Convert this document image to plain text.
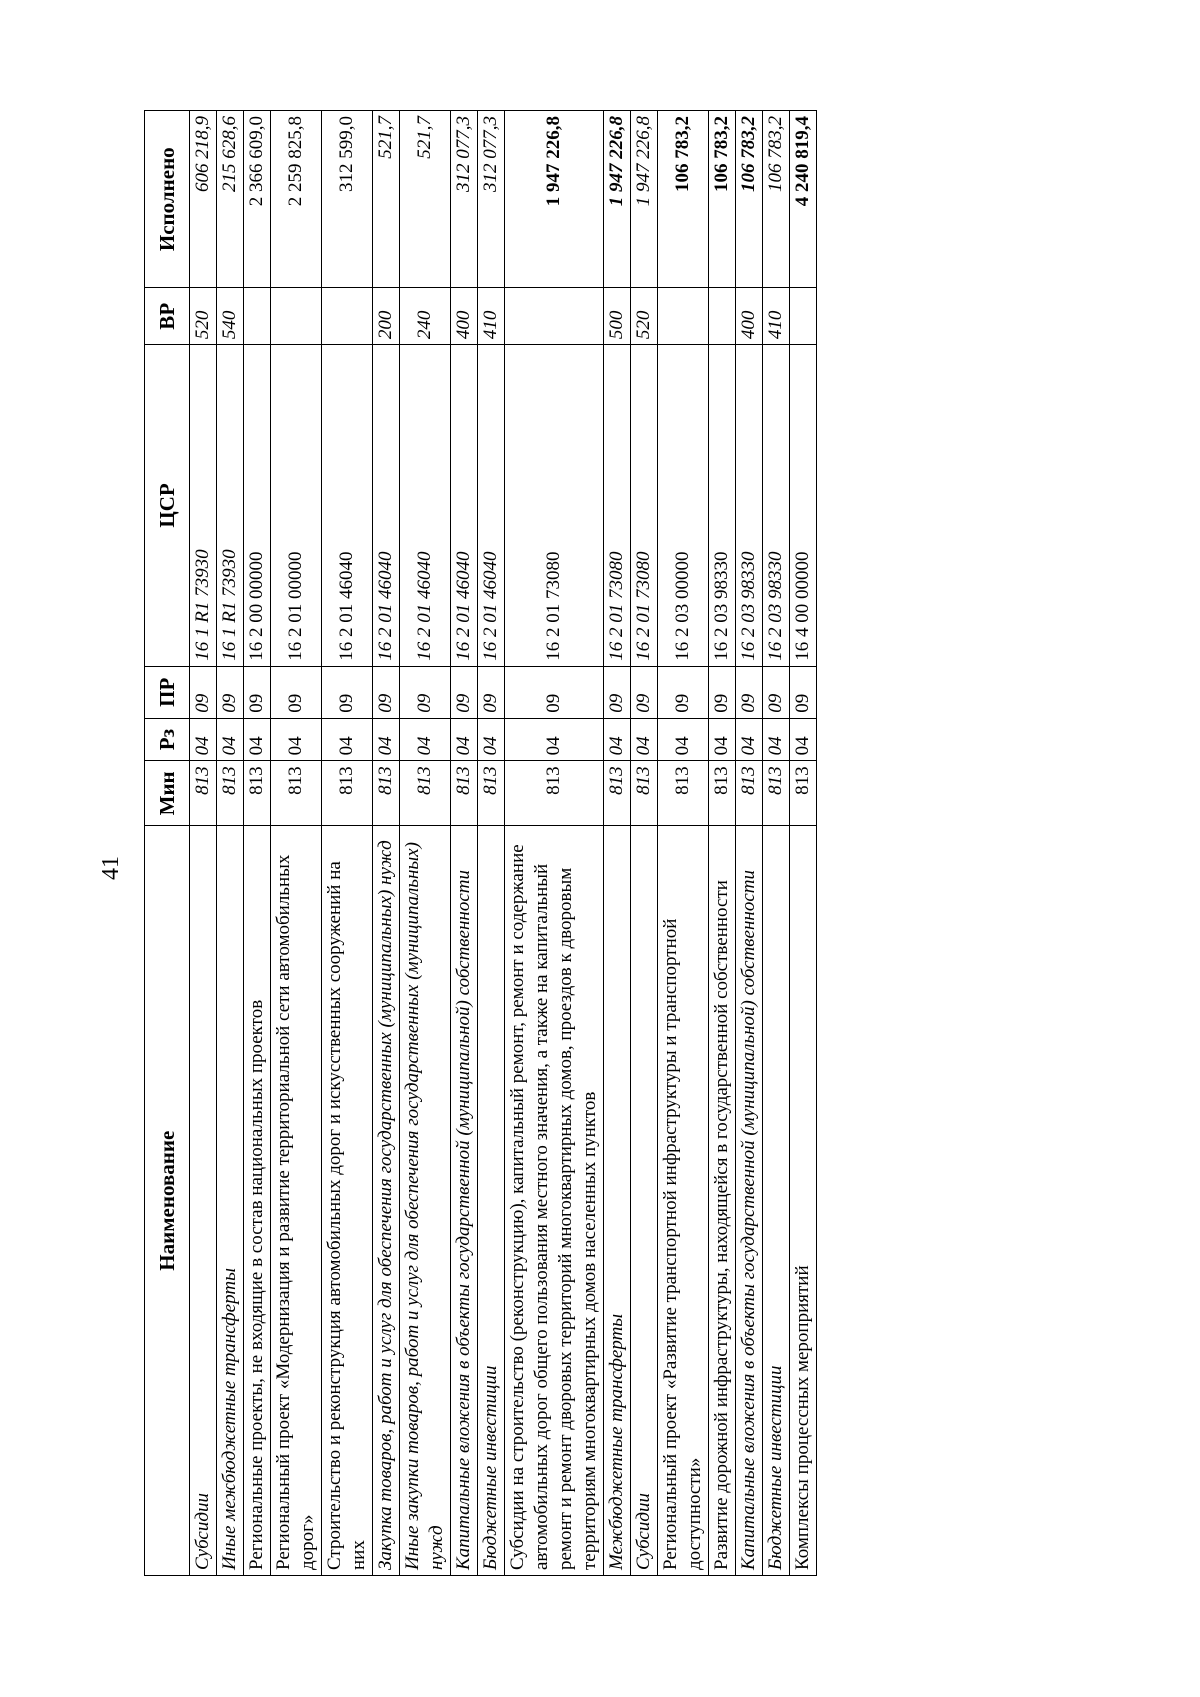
41
Наименование	Мин	Рз	ПР	ЦСР	ВР	Исполнено
Субсидии	813	04	09	16 1 R1 73930	520	606 218,9
Иные межбюджетные трансферты	813	04	09	16 1 R1 73930	540	215 628,6
Региональные проекты, не входящие в состав национальных проектов	813	04	09	16 2 00 00000		2 366 609,0
Региональный проект «Модернизация и развитие территориальной сети автомобильных дорог»	813	04	09	16 2 01 00000		2 259 825,8
Строительство и реконструкция автомобильных дорог и искусственных сооружений на них	813	04	09	16 2 01 46040		312 599,0
Закупка товаров, работ и услуг для обеспечения государственных (муниципальных) нужд	813	04	09	16 2 01 46040	200	521,7
Иные закупки товаров, работ и услуг для обеспечения государственных (муниципальных) нужд	813	04	09	16 2 01 46040	240	521,7
Капитальные вложения в объекты государственной (муниципальной) собственности	813	04	09	16 2 01 46040	400	312 077,3
Бюджетные инвестиции	813	04	09	16 2 01 46040	410	312 077,3
Субсидии на строительство (реконструкцию), капитальный ремонт, ремонт и содержание автомобильных дорог общего пользования местного значения, а также на капитальный ремонт и ремонт дворовых территорий многоквартирных домов, проездов к дворовым территориям многоквартирных домов населенных пунктов	813	04	09	16 2 01 73080		1 947 226,8
Межбюджетные трансферты	813	04	09	16 2 01 73080	500	1 947 226,8
Субсидии	813	04	09	16 2 01 73080	520	1 947 226,8
Региональный проект «Развитие транспортной инфраструктуры и транспортной доступности»	813	04	09	16 2 03 00000		106 783,2
Развитие дорожной инфраструктуры, находящейся в государственной собственности	813	04	09	16 2 03 98330		106 783,2
Капитальные вложения в объекты государственной (муниципальной) собственности	813	04	09	16 2 03 98330	400	106 783,2
Бюджетные инвестиции	813	04	09	16 2 03 98330	410	106 783,2
Комплексы процессных мероприятий	813	04	09	16 4 00 00000		4 240 819,4
